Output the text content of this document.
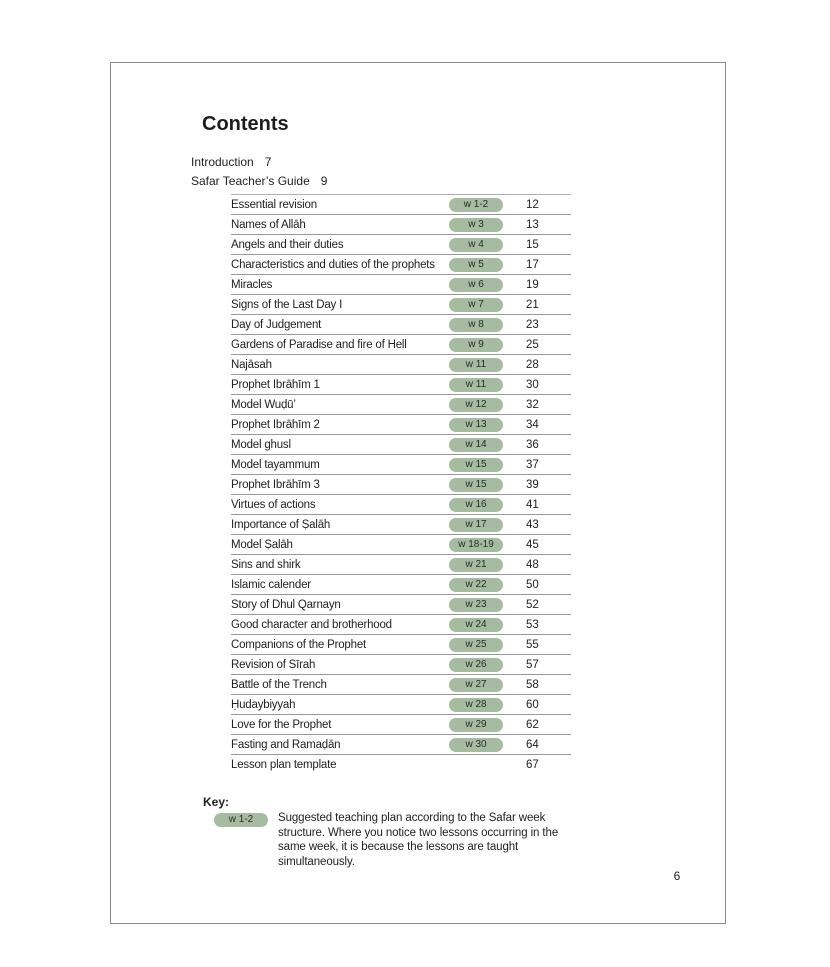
Contents
Introduction 7
Safar Teacher’s Guide 9
Essential revision	w 1-2	12
Names of Allāh	w 3	13
Angels and their duties	w 4	15
Characteristics and duties of the prophets	w 5	17
Miracles	w 6	19
Signs of the Last Day I	w 7	21
Day of Judgement	w 8	23
Gardens of Paradise and fire of Hell	w 9	25
Najāsah	w 11	28
Prophet Ibrāhīm 1	w 11	30
Model Wuḍū’	w 12	32
Prophet Ibrāhīm 2	w 13	34
Model ghusl	w 14	36
Model tayammum	w 15	37
Prophet Ibrāhīm 3	w 15	39
Virtues of actions	w 16	41
Importance of Ṣalāh	w 17	43
Model Ṣalāh	w 18-19	45
Sins and shirk	w 21	48
Islamic calender	w 22	50
Story of Dhul Qarnayn	w 23	52
Good character and brotherhood	w 24	53
Companions of the Prophet	w 25	55
Revision of Sīrah	w 26	57
Battle of the Trench	w 27	58
Ḥudaybiyyah	w 28	60
Love for the Prophet	w 29	62
Fasting and Ramaḍān	w 30	64
Lesson plan template	67
Key:
w 1-2	Suggested teaching plan according to the Safar week structure. Where you notice two lessons occurring in the same week, it is because the lessons are taught simultaneously.
6
